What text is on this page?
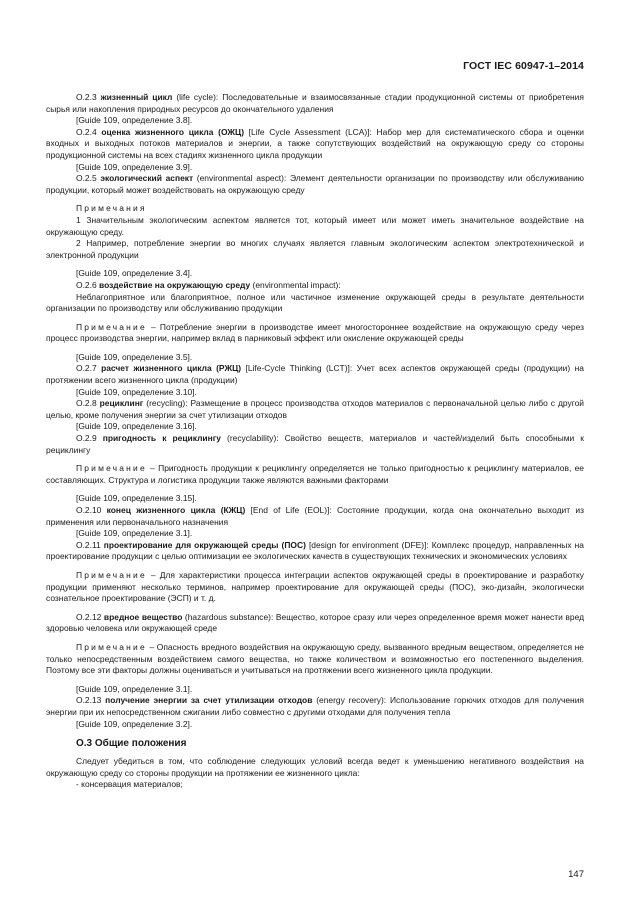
ГОСТ IEC 60947-1–2014

О.2.3 жизненный цикл (life cycle): Последовательные и взаимосвязанные стадии продукционной системы от приобретения сырья или накопления природных ресурсов до окончательного удаления

[Guide 109, определение 3.8].

О.2.4 оценка жизненного цикла (ОЖЦ) [Life Cycle Assessment (LCA)]: Набор мер для систематического сбора и оценки входных и выходных потоков материалов и энергии, а также сопутствующих воздействий на окружающую среду со стороны продукционной системы на всех стадиях жизненного цикла продукции

[Guide 109, определение 3.9].

О.2.5 экологический аспект (environmental aspect): Элемент деятельности организации по производству или обслуживанию продукции, который может воздействовать на окружающую среду

Примечания

1 Значительным экологическим аспектом является тот, который имеет или может иметь значительное воздействие на окружающую среду.

2 Например, потребление энергии во многих случаях является главным экологическим аспектом электротехнической и электронной продукции

[Guide 109, определение 3.4].

О.2.6 воздействие на окружающую среду (environmental impact):

Неблагоприятное или благоприятное, полное или частичное изменение окружающей среды в результате деятельности организации по производству или обслуживанию продукции

Примечание – Потребление энергии в производстве имеет многостороннее воздействие на окружающую среду через процесс производства энергии, например вклад в парниковый эффект или окисление окружающей среды

[Guide 109, определение 3.5].

О.2.7 расчет жизненного цикла (РЖЦ) [Life-Cycle Thinking (LCT)]: Учет всех аспектов окружающей среды (продукции) на протяжении всего жизненного цикла (продукции)

[Guide 109, определение 3.10].

О.2.8 рециклинг (recycling): Размещение в процесс производства отходов материалов с первоначальной целью либо с другой целью, кроме получения энергии за счет утилизации отходов

[Guide 109, определение 3.16].

О.2.9 пригодность к рециклингу (recyclability): Свойство веществ, материалов и частей/изделий быть способными к рециклингу

Примечание – Пригодность продукции к рециклингу определяется не только пригодностью к рециклингу материалов, ее составляющих. Структура и логистика продукции также являются важными факторами

[Guide 109, определение 3.15].

О.2.10 конец жизненного цикла (КЖЦ) [End of Life (EOL)]: Состояние продукции, когда она окончательно выходит из применения или первоначального назначения

[Guide 109, определение 3.1].

О.2.11 проектирование для окружающей среды (ПОС) [design for environment (DFE)]: Комплекс процедур, направленных на проектирование продукции с целью оптимизации ее экологических качеств в существующих технических и экономических условиях

Примечание – Для характеристики процесса интеграции аспектов окружающей среды в проектирование и разработку продукции применяют несколько терминов, например проектирование для окружающей среды (ПОС), эко-дизайн, экологически сознательное проектирование (ЭСП) и т. д.

О.2.12 вредное вещество (hazardous substance): Вещество, которое сразу или через определенное время может нанести вред здоровью человека или окружающей среде

Примечание – Опасность вредного воздействия на окружающую среду, вызванного вредным веществом, определяется не только непосредственным воздействием самого вещества, но также количеством и возможностью его постепенного выделения. Поэтому все эти факторы должны оцениваться и учитываться на протяжении всего жизненного цикла продукции.

[Guide 109, определение 3.1].

О.2.13 получение энергии за счет утилизации отходов (energy recovery): Использование горючих отходов для получения энергии при их непосредственном сжигании либо совместно с другими отходами для получения тепла

[Guide 109, определение 3.2].

О.3 Общие положения

Следует убедиться в том, что соблюдение следующих условий всегда ведет к уменьшению негативного воздействия на окружающую среду со стороны продукции на протяжении ее жизненного цикла:

- консервация материалов;

147
